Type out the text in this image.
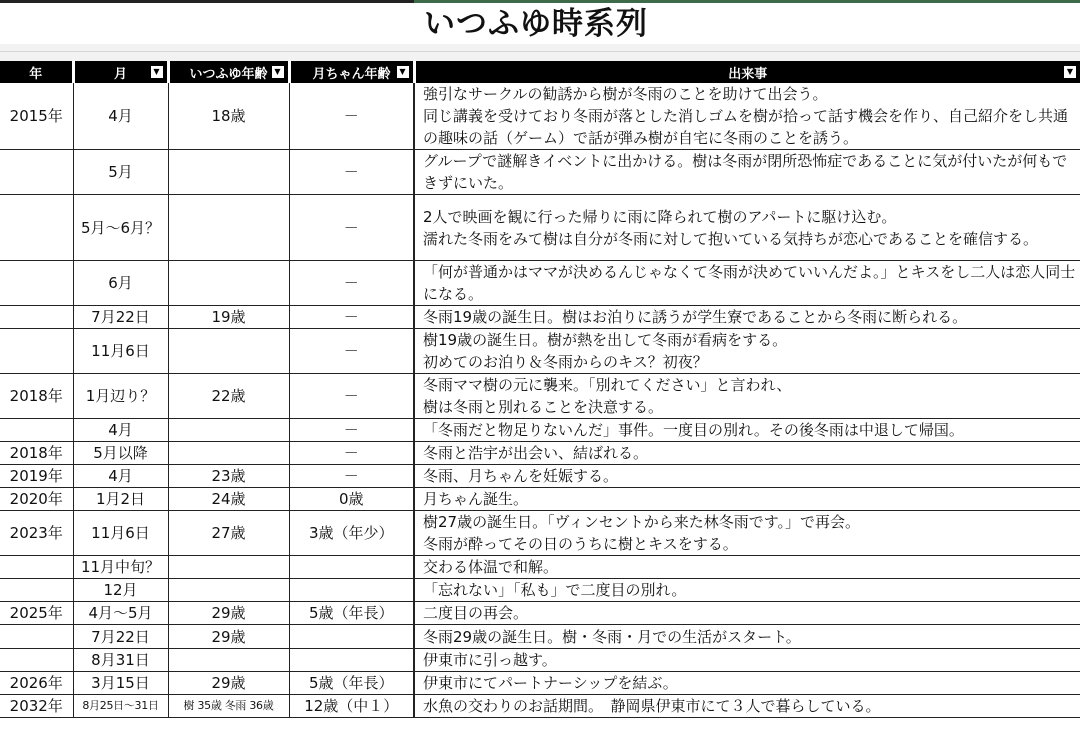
いつふゆ時系列
年	月 ▼	いつふゆ年齢 ▼	月ちゃん年齢 ▼	出来事 ▼

2015年	4月	18歳	－	強引なサークルの勧誘から樹が冬雨のことを助けて出会う。
同じ講義を受けており冬雨が落とした消しゴムを樹が拾って話す機会を作り、自己紹介をし共通の趣味の話（ゲーム）で話が弾み樹が自宅に冬雨のことを誘う。
	5月		－	グループで謎解きイベントに出かける。樹は冬雨が閉所恐怖症であることに気が付いたが何もできずにいた。
	5月～6月？		－	2人で映画を観に行った帰りに雨に降られて樹のアパートに駆け込む。
濡れた冬雨をみて樹は自分が冬雨に対して抱いている気持ちが恋心であることを確信する。
	6月		－	「何が普通かはママが決めるんじゃなくて冬雨が決めていいんだよ。」とキスをし二人は恋人同士になる。
	7月22日	19歳	－	冬雨19歳の誕生日。樹はお泊りに誘うが学生寮であることから冬雨に断られる。
	11月6日		－	樹19歳の誕生日。樹が熱を出して冬雨が看病をする。
初めてのお泊り＆冬雨からのキス？初夜？
2018年	1月辺り？	22歳	－	冬雨ママ樹の元に襲来。「別れてください」と言われ、
樹は冬雨と別れることを決意する。
	4月		－	「冬雨だと物足りないんだ」事件。一度目の別れ。その後冬雨は中退して帰国。
2018年	5月以降		－	冬雨と浩宇が出会い、結ばれる。
2019年	4月	23歳	－	冬雨、月ちゃんを妊娠する。
2020年	1月2日	24歳	0歳	月ちゃん誕生。
2023年	11月6日	27歳	3歳（年少）	樹27歳の誕生日。「ヴィンセントから来た林冬雨です。」で再会。
冬雨が酔ってその日のうちに樹とキスをする。
	11月中旬？			交わる体温で和解。
	12月			「忘れない」「私も」で二度目の別れ。
2025年	4月～5月	29歳	5歳（年長）	二度目の再会。
	7月22日	29歳		冬雨29歳の誕生日。樹・冬雨・月での生活がスタート。
	8月31日			伊東市に引っ越す。
2026年	3月15日	29歳	5歳（年長）	伊東市にてパートナーシップを結ぶ。
2032年	8月25日～31日	樹 35歳 冬雨 36歳	12歳（中１）	水魚の交わりのお話期間。　静岡県伊東市にて３人で暮らしている。
